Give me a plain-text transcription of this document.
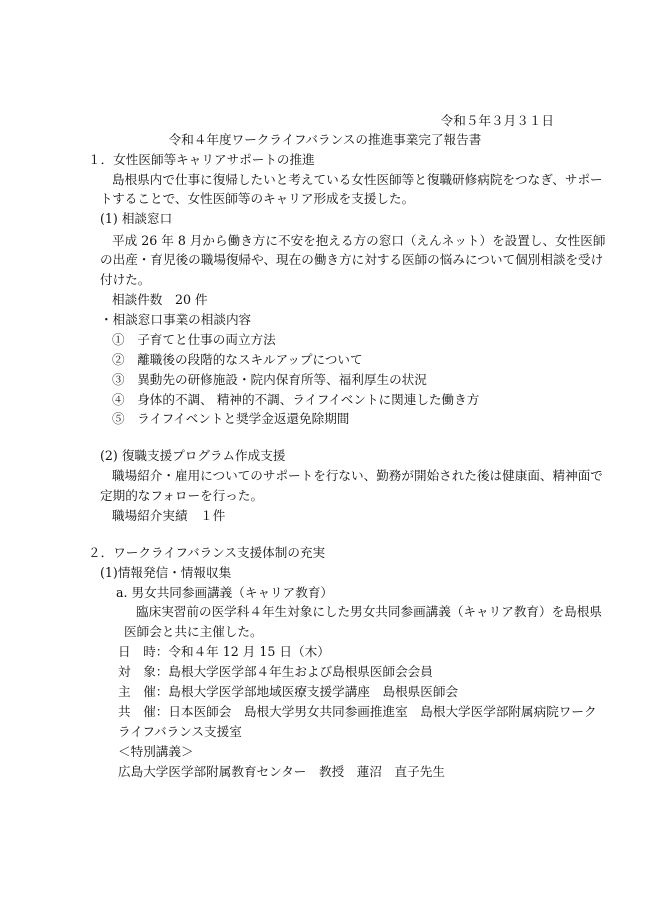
令和５年３月３１日
令和４年度ワークライフバランスの推進事業完了報告書
１．女性医師等キャリアサポートの推進
島根県内で仕事に復帰したいと考えている女性医師等と復職研修病院をつなぎ、サポー
トすることで、女性医師等のキャリア形成を支援した。
(1) 相談窓口
平成 26 年 8 月から働き方に不安を抱える方の窓口（えんネット）を設置し、女性医師
の出産・育児後の職場復帰や、現在の働き方に対する医師の悩みについて個別相談を受け
付けた。
相談件数　20 件
・相談窓口事業の相談内容
①　子育てと仕事の両立方法
②　離職後の段階的なスキルアップについて
③　異動先の研修施設・院内保育所等、福利厚生の状況
④　身体的不調、 精神的不調、ライフイベントに関連した働き方
⑤　ライフイベントと奨学金返還免除期間
(2) 復職支援プログラム作成支援
職場紹介・雇用についてのサポートを行ない、勤務が開始された後は健康面、精神面で
定期的なフォローを行った。
職場紹介実績　１件
２．ワークライフバランス支援体制の充実
(1)情報発信・情報収集
a. 男女共同参画講義（キャリア教育）
臨床実習前の医学科４年生対象にした男女共同参画講義（キャリア教育）を島根県
医師会と共に主催した。
日　時：令和４年 12 月 15 日（木）
対　象：島根大学医学部４年生および島根県医師会会員
主　催：島根大学医学部地域医療支援学講座　島根県医師会
共　催：日本医師会　島根大学男女共同参画推進室　島根大学医学部附属病院ワーク
ライフバランス支援室
＜特別講義＞
広島大学医学部附属教育センター　教授　蓮沼　直子先生
